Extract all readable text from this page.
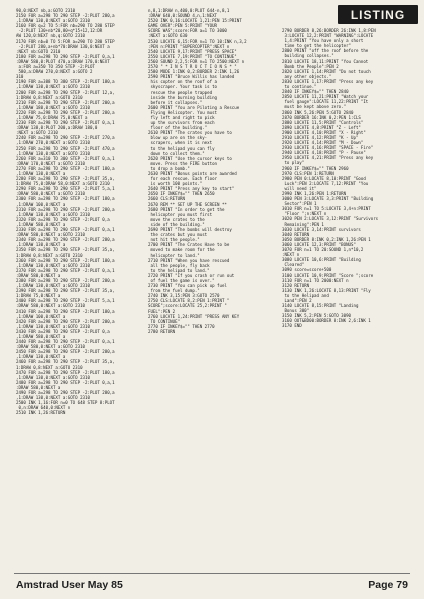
LISTING
90,0:NEXT nb,a:GOTO 2310
2150 FOR a=298 TO 290 STEP -2:PLOT 280,a
,1:DRAW 130,0:NEXT a:GOTO 2310
2160 FOR q=2 TO 5:FOR nb=290 TO 280 STEP
-2:PLOT 130+nb*20,80+q*15+12,12:DR
AW 120,0:NEXT nb,q:GOTO 2310
2170 FOR nb=0 TO 5:FOR a=290 TO 280 STEP
-2:PLOT 280,a+nb*70:DRAW 130,0:NEXT a
:NEXT nb:GOTO 2310
2180 FOR a=298 TO 290 STEP -2:PLOT 0,a,1
:DRAW 580,0:PLOT 470,a:DRAW 170,0:NEXT
a:FOR a=350 TO 350 STEP -2:PLOT
580,a:DRAW 270,0:NEXT a:GOTO 2
310
2190 FOR a=388 TO 380 STEP -2:PLOT 180,a
,1:DRAW 130,0:NEXT a:GOTO 2310
2200 FOR a=298 TO 290 STEP -2:PLOT 12,a,
1:DRAW 0,8:NEXT a:GOTO 2310
2210 FOR a=298 TO 290 STEP -2:PLOT 200,a
,1:DRAW 180,0:NEXT a:GOTO 2310
2220 FOR a=298 TO 290 STEP -2:PLOT 280,a
,1:DRAW 75,0:DRAW 75,0:NEXT a
2230 FOR a=298 TO 290 STEP -2:PLOT 0,a,1
:DRAW 138,0:PLOT 200,a:DRAW 180,0
:NEXT a:GOTO 2310
2240 FOR a=298 TO 290 STEP -2:PLOT 270,a
,1:DRAW 270,0:NEXT a:GOTO 2310
2250 FOR a=298 TO 290 STEP -2:PLOT 470,a
,1:DRAW 130,0:NEXT a:GOTO 2310
2260 FOR a=310 TO 300 STEP -2:PLOT 0,a,1
:DRAW 170,0:NEXT a:GOTO 2310
2270 FOR a=298 TO 290 STEP -2:PLOT 180,a
,1:DRAW 130,0:NEXT a
2280 FOR a=298 TO 290 STEP -2:PLOT 35,a,
1:DRAW 75,0:DRAW 58,0:NEXT a:GOTO 2310
2290 FOR a=298 TO 290 STEP -2:PLOT 5,a,1
:DRAW 580,0:NEXT a:GOTO 2310
2300 FOR a=298 TO 290 STEP -2:PLOT 180,a
,1:DRAW 100,0:NEXT a
2310 FOR a=298 TO 290 STEP -2:PLOT 280,a
,1:DRAW 130,0:NEXT a:GOTO 2310
2320 FOR a=298 TO 290 STEP -2:PLOT 0,a
,1:DRAW 580,0:NEXT a
2330 FOR a=298 TO 290 STEP -2:PLOT 0,a,1
:DRAW 580,0:NEXT a:GOTO 2310
2340 FOR a=298 TO 290 STEP -2:PLOT 280,a
,1:DRAW 130,0:NEXT a
2350 FOR a=298 TO 290 STEP -2:PLOT 35,a,
1:DRAW 0,8:NEXT a:GOTO 2310
2360 FOR a=298 TO 290 STEP -2:PLOT 180,a
,1:DRAW 130,0:NEXT a:GOTO 2310
2370 FOR a=298 TO 290 STEP -2:PLOT 0,a,1
:DRAW 580,0:NEXT a
2380 FOR a=298 TO 290 STEP -2:PLOT 280,a
,1:DRAW 130,0:NEXT a:GOTO 2310
2390 FOR a=298 TO 290 STEP -2:PLOT 35,a,
1:DRAW 75,0:NEXT a
2400 FOR a=298 TO 290 STEP -2:PLOT 5,a,1
:DRAW 580,0:NEXT a:GOTO 2310
2410 FOR a=298 TO 290 STEP -2:PLOT 180,a
,1:DRAW 100,0:NEXT a
2420 FOR a=298 TO 290 STEP -2:PLOT 280,a
,1:DRAW 130,0:NEXT a:GOTO 2310
2430 FOR a=298 TO 290 STEP -2:PLOT 0,a
,1:DRAW 580,0:NEXT a
2440 FOR a=298 TO 290 STEP -2:PLOT 0,a,1
:DRAW 580,0:NEXT a:GOTO 2310
2450 FOR a=298 TO 290 STEP -2:PLOT 280,a
,1:DRAW 130,0:NEXT a
2460 FOR a=298 TO 290 STEP -2:PLOT 35,a,
1:DRAW 0,8:NEXT a:GOTO 2310
2470 FOR a=298 TO 290 STEP -2:PLOT 180,a
,1:DRAW 130,0:NEXT a:GOTO 2310
2480 FOR a=298 TO 290 STEP -2:PLOT 0,a,1
:DRAW 580,0:NEXT a
2490 FOR a=298 TO 290 STEP -2:PLOT 280,a
,1:DRAW 130,0:NEXT a:GOTO 2310
2500 INK 1,16:FOR n=0 TO 648 STEP 8:PLOT
0,n:DRAW 640,0:NEXT n
2510 INK 1,26:RETURN
n,8,1:DRAW n,400,0:PLOT 644-n,8,1
:DRAW 640,0:SOUND 4,n,1:NEXT
2520 INK 0,16:LOCATE 1,21:PEN 15:PRINT
GAME OVER":PEN 5:PRINT "YOUR
SCORE WAS";score:FOR a=1 TO 3000
:NEXT a:GOTO 630
2530 LOCATE 6,15:FOR n=1 TO 10:INK n,3,2
:PEN n:PRINT "SUPERCOPTER":NEXT n
2540 LOCATE 9,17:PRINT "PRESS SPACE"
2550 LOCATE 7,19:PRINT "TO CONTINUE"
2560 SOUND 2,2,5:FOR n=1 TO 2500:NEXT n
2570 " * I N S T R U C T I O N S * "
2580 MODE 1:INK 0,2:BORDER 2:INK 1,26
2590 PRINT "Bruce Willis has landed
his copter on the roof of a
skyscraper. Your task is to
rescue the people trapped
inside the burning building
before it collapses."
2600 PRINT "You are Piloting a Rescue
Flying Helicopter. You must
fly left and right to pick
up the survivors from each
floor of the building."
2610 PRINT "The crates you have to
blow up are on the sky-
scrapers, when it is next
to the helipad you can fly
down to collect them."
2620 PRINT "Use the cursor keys to
move. Press the FIRE button
to drop a bomb."
2630 PRINT "Bonus points are awarded
for each rescue. Each floor
is worth 100 points."
2640 PRINT "Press any key to start"
2650 IF INKEY$="" THEN 2650
2660 CLS:RETURN
2670 REM ** SET UP THE SCREEN **
2680 PRINT "In order to get the
helicopter you must first
move the crates to the
side of the building."
2690 PRINT "The bombs will destroy
the crates but you must
not hit the people."
2700 PRINT "The Crates Have to be
moved to make room for the
helicopter to land."
2710 PRINT "When you have rescued
all the people, fly back
to the helipad to land."
2720 PRINT "If you crash or run out
of fuel the game is over."
2730 PRINT "You can pick up fuel
from the fuel dump."
2740 INK 3,15:PEN 3:GOTO 2570
2750 CLS:LOCATE 8,2:PEN 1:PRINT "
SCORE";score:LOCATE 25,2:PRINT "
FUEL":PEN 2
2760 LOCATE 1,24:PRINT "PRESS ANY KEY
TO CONTINUE"
2770 IF INKEY$="" THEN 2770
2780 RETURN
2790 BORDER 8,26:BORDER 26:INK 1,8:PEN
3:LOCATE 12,2:PRINT "WARNING":LOCATE
1,4:PRINT "You have only a short
time to get the helicopter"
2800 PRINT "off the roof before the
building collapses."
2810 LOCATE 18,11:PRINT "You Cannot
Bomb the People":PEN 2
2820 LOCATE 1,14:PRINT "Do not touch
any other objects."
2830 LOCATE 1,17:PRINT "Press any key
to continue."
2840 IF INKEY$="" THEN 2840
2850 LOCATE 11,21:PRINT "Watch your
fuel gauge":LOCATE 11,22:PRINT "It
must be kept above zero."
2860 INK 5,26:PEN 5:GOTO 2840
2870 BORDER 16:INK 0,2:PEN 1:CLS
2880 LOCATE 11,5:PRINT "Controls"
2890 LOCATE 4,8:PRINT "Z - Left"
2900 LOCATE 4,10:PRINT "X - Right"
2910 LOCATE 4,12:PRINT "K - Up"
2920 LOCATE 4,14:PRINT "M - Down"
2930 LOCATE 4,16:PRINT "SPACE - Fire"
2940 LOCATE 4,18:PRINT "P - Pause"
2950 LOCATE 4,21:PRINT "Press any key
to play"
2960 IF INKEY$="" THEN 2960
2970 CLS:PEN 1:RETURN
2980 PEN 0:LOCATE 8,10:PRINT "Good
Luck":PEN 2:LOCATE 7,12:PRINT "You
will need it"
2990 INK 1,26:PEN 1:RETURN
3000 PEN 3:LOCATE 3,3:PRINT "Building
Sector":PEN 1
3010 FOR n=1 TO 5:LOCATE 3,4+n:PRINT
"Floor ";n:NEXT n
3020 PEN 2:LOCATE 3,12:PRINT "Survivors
Remaining":PEN 1
3030 LOCATE 3,14:PRINT survivors
3040 RETURN
3050 BORDER 8:INK 0,2:INK 1,26:PEN 1
3060 LOCATE 12,3:PRINT "BONUS"
3070 FOR n=1 TO 20:SOUND 1,n*10,2
:NEXT n
3080 LOCATE 10,6:PRINT "Building
Cleared"
3090 score=score+500
3100 LOCATE 10,9:PRINT "Score ";score
3110 FOR n=1 TO 2000:NEXT n
3120 RETURN
3130 INK 1,26:LOCATE 8,13:PRINT "Fly
to the Helipad and
Land":PEN 2
3140 LOCATE 8,15:PRINT "Landing
Bonus 300"
3150 INK 5,2:PEN 5:GOTO 3090
3160 OUT&BD00:BORDER 8:INK 2,6:INK 1
3170 END
Amstrad User May 85	Page 79
